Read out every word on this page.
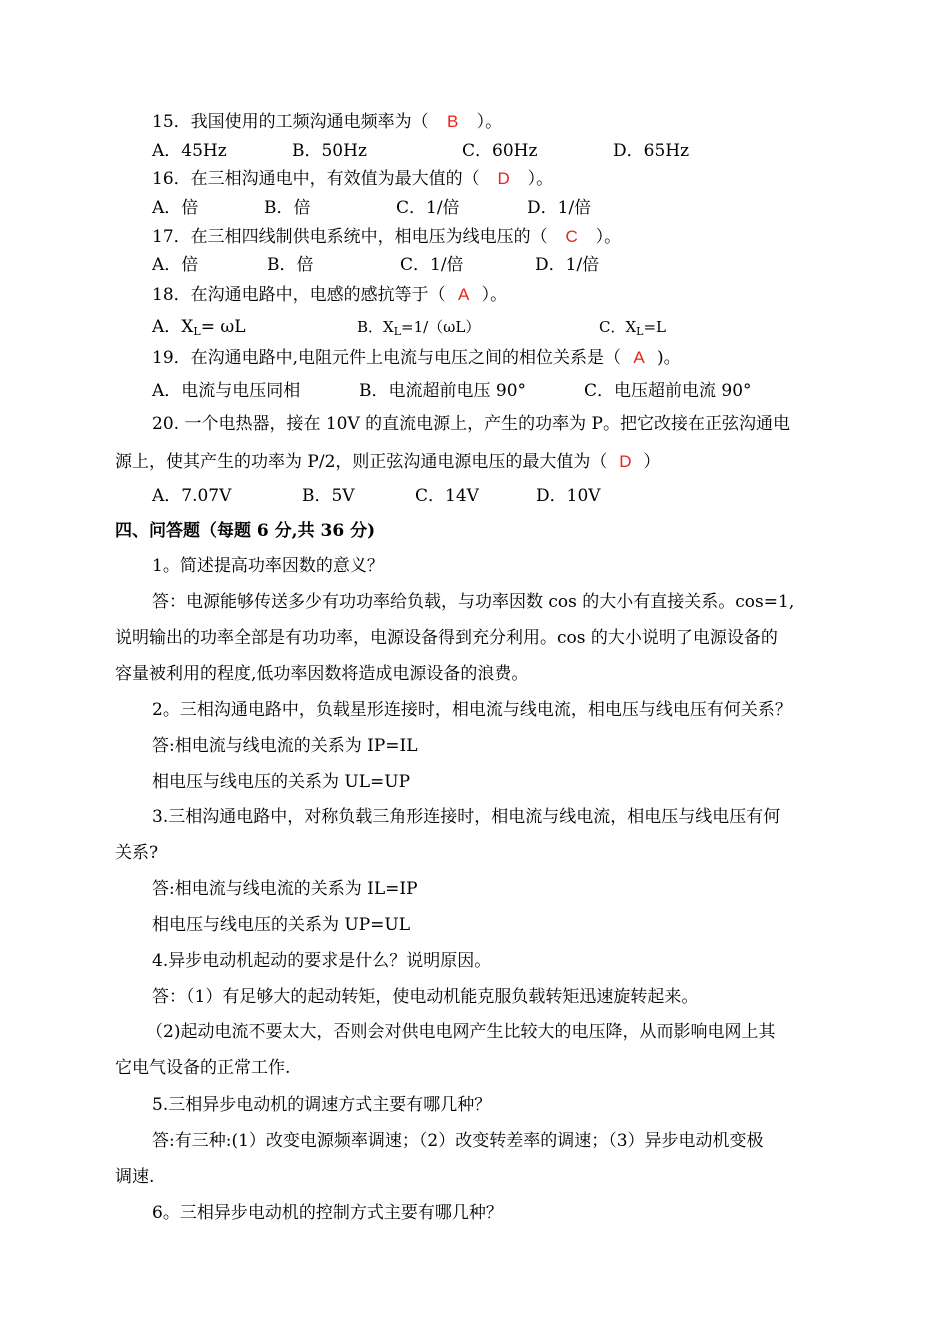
15．我国使用的工频沟通电频率为（ B ）。
A．45Hz	B．50Hz	C．60Hz	D．65Hz
16．在三相沟通电中，有效值为最大值的（ D ）。
A．倍	B．倍	C．1/倍	D．1/倍
17．在三相四线制供电系统中，相电压为线电压的（ C ）。
A．倍	B．倍	C．1/倍	D．1/倍
18．在沟通电路中，电感的感抗等于（ A ）。
A．$X_L= \omega L$	B．$X_L=1/(\omega L)$	C．$X_L=L$
19．在沟通电路中,电阻元件上电流与电压之间的相位关系是（ A )。
A．电流与电压同相	B．电流超前电压 90°	C．电压超前电流 90°
20. 一个电热器，接在 10V 的直流电源上，产生的功率为 P。把它改接在正弦沟通电
源上，使其产生的功率为 P/2，则正弦沟通电源电压的最大值为（ D ）
A．7.07V	B．5V	C．14V	D．10V
四、问答题（每题 6 分,共 36 分)
1。简述提高功率因数的意义？
答：电源能够传送多少有功功率给负载，与功率因数 cos 的大小有直接关系。cos=1,
说明输出的功率全部是有功功率，电源设备得到充分利用。cos 的大小说明了电源设备的
容量被利用的程度,低功率因数将造成电源设备的浪费。
2。三相沟通电路中，负载星形连接时，相电流与线电流，相电压与线电压有何关系？
答:相电流与线电流的关系为 IP=IL
相电压与线电压的关系为 UL=UP
3.三相沟通电路中，对称负载三角形连接时，相电流与线电流，相电压与线电压有何
关系?
答:相电流与线电流的关系为 IL=IP
相电压与线电压的关系为 UP=UL
4.异步电动机起动的要求是什么？说明原因。
答：（1）有足够大的起动转矩，使电动机能克服负载转矩迅速旋转起来。
（2)起动电流不要太大，否则会对供电电网产生比较大的电压降，从而影响电网上其
它电气设备的正常工作.
5.三相异步电动机的调速方式主要有哪几种？
答:有三种:(1）改变电源频率调速；（2）改变转差率的调速；（3）异步电动机变极
调速.
6。三相异步电动机的控制方式主要有哪几种？
